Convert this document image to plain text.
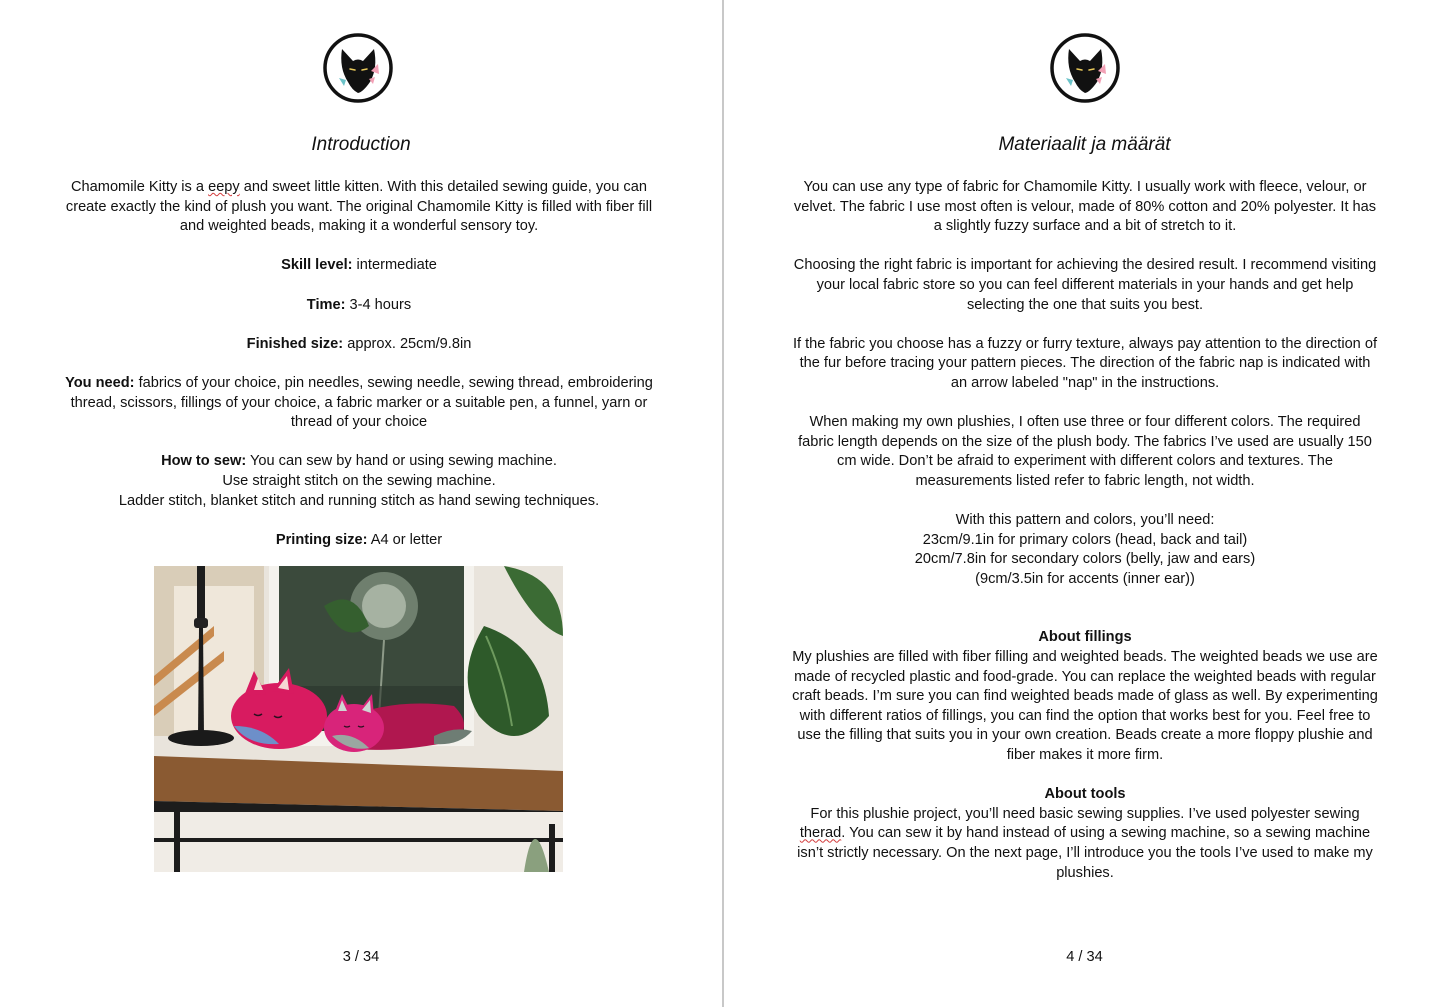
Introduction

Chamomile Kitty is a eepy and sweet little kitten. With this detailed sewing guide, you can create exactly the kind of plush you want. The original Chamomile Kitty is filled with fiber fill and weighted beads, making it a wonderful sensory toy.

Skill level: intermediate

Time: 3-4 hours

Finished size: approx. 25cm/9.8in

You need: fabrics of your choice, pin needles, sewing needle, sewing thread, embroidering thread, scissors, fillings of your choice, a fabric marker or a suitable pen, a funnel, yarn or thread of your choice

How to sew: You can sew by hand or using sewing machine.
Use straight stitch on the sewing machine.
Ladder stitch, blanket stitch and running stitch as hand sewing techniques.

Printing size: A4 or letter

3 / 34
Materiaalit ja määrät

You can use any type of fabric for Chamomile Kitty. I usually work with fleece, velour, or velvet. The fabric I use most often is velour, made of 80% cotton and 20% polyester. It has a slightly fuzzy surface and a bit of stretch to it.

Choosing the right fabric is important for achieving the desired result. I recommend visiting your local fabric store so you can feel different materials in your hands and get help selecting the one that suits you best.

If the fabric you choose has a fuzzy or furry texture, always pay attention to the direction of the fur before tracing your pattern pieces. The direction of the fabric nap is indicated with an arrow labeled "nap" in the instructions.

When making my own plushies, I often use three or four different colors. The required fabric length depends on the size of the plush body. The fabrics I’ve used are usually 150 cm wide. Don’t be afraid to experiment with different colors and textures. The measurements listed refer to fabric length, not width.

With this pattern and colors, you’ll need:
23cm/9.1in for primary colors (head, back and tail)
20cm/7.8in for secondary colors (belly, jaw and ears)
(9cm/3.5in for accents (inner ear))

About fillings
My plushies are filled with fiber filling and weighted beads. The weighted beads we use are made of recycled plastic and food-grade. You can replace the weighted beads with regular craft beads. I’m sure you can find weighted beads made of glass as well. By experimenting with different ratios of fillings, you can find the option that works best for you. Feel free to use the filling that suits you in your own creation. Beads create a more floppy plushie and fiber makes it more firm.

About tools
For this plushie project, you’ll need basic sewing supplies. I’ve used polyester sewing therad. You can sew it by hand instead of using a sewing machine, so a sewing machine isn’t strictly necessary. On the next page, I’ll introduce you the tools I’ve used to make my plushies.

4 / 34
